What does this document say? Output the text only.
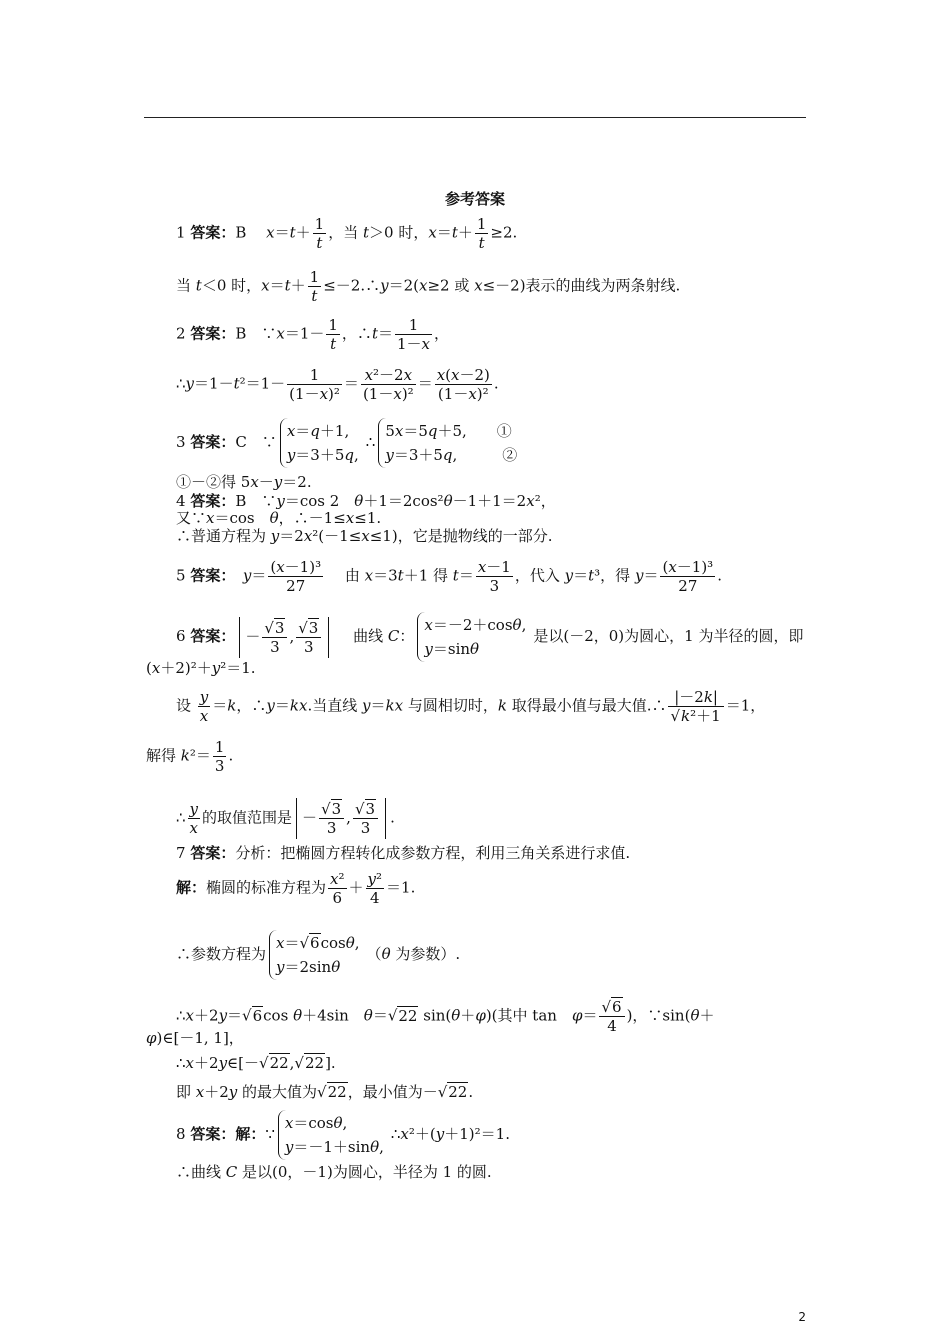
参考答案
1 答案：B　 $x=t+ \frac{1}{t}$ ，当 t＞0 时，$x=t+ \frac{1}{t} \ge 2$.
当 t＜0 时，$x=t+ \frac{1}{t}$ ≤－2.∴y＝2(x≥2 或 x≤－2)表示的曲线为两条射线.
2 答案：B　∵x＝1－ $\frac{1}{t}$ ，∴t＝ $\frac{1}{1-x}$ ，
∴y＝1－t²＝1－ $\frac{1}{\text{(1－x)²}} = \frac{\text{x²－2x}}{\text{(1－x)²}} = \frac{x(x-2)}{\text{(1－x)²}}$ .
3 答案：C　∵
x＝q＋1,
y＝3＋5q,
∴
5x＝5q＋5,　　①
y＝3＋5q,　　　②
①－②得 5x－y＝2.
4 答案：B　∵y＝cos 2　θ＋1＝2cos²θ－1＋1＝2x²，
又∵x＝cos　θ，∴－1≤x≤1.
∴普通方程为 y＝2x²(－1≤x≤1)，它是抛物线的一部分.
5 答案：　 $y= \frac{\text{(x－1)³}}{27}$ 　 由 x＝3t＋1 得 $t= \frac{x-1}{3}$ ，代入 y＝t³，得 $y= \frac{\text{(x－1)³}}{27}$ .
6 答案： － $\frac{√3}{3}$ , $\frac{√3}{3}$ 　 曲线 C：
x＝－2＋cosθ,
y＝sinθ
是以(－2，0)为圆心，1 为半径的圆，即
(x＋2)²＋y²＝1.
设 $\frac{y}{x} =k$，∴y＝kx.当直线 y＝kx 与圆相切时，k 取得最小值与最大值.∴ $\frac{|-2k|}{\text{√k²＋1}} =1$，
解得 $k^2= \frac{1}{3}$ .
∴ $\frac{y}{x}$ 的取值范围是 － $\frac{√3}{3}$ , $\frac{√3}{3}$ .
7 答案：分析：把椭圆方程转化成参数方程，利用三角关系进行求值.
解：椭圆的标准方程为 $\frac{\text{x²}}{6} + \frac{\text{y²}}{4} =1$.
∴参数方程为
x＝√6cosθ,
y＝2sinθ
（θ 为参数）.
∴x＋2y＝√6cos θ＋4sin　θ＝√22 sin(θ＋φ)(其中 tan　$\varphi= \frac{√6}{4}$ )，∵sin(θ＋
φ)∈[－1, 1]，
∴x＋2y∈[－√22,√22].
即 x＋2y 的最大值为√22，最小值为－√22.
8 答案：解：∵
x＝cosθ,
y＝－1＋sinθ,
∴x²＋(y＋1)²＝1.
∴曲线 C 是以(0，－1)为圆心，半径为 1 的圆.
2
